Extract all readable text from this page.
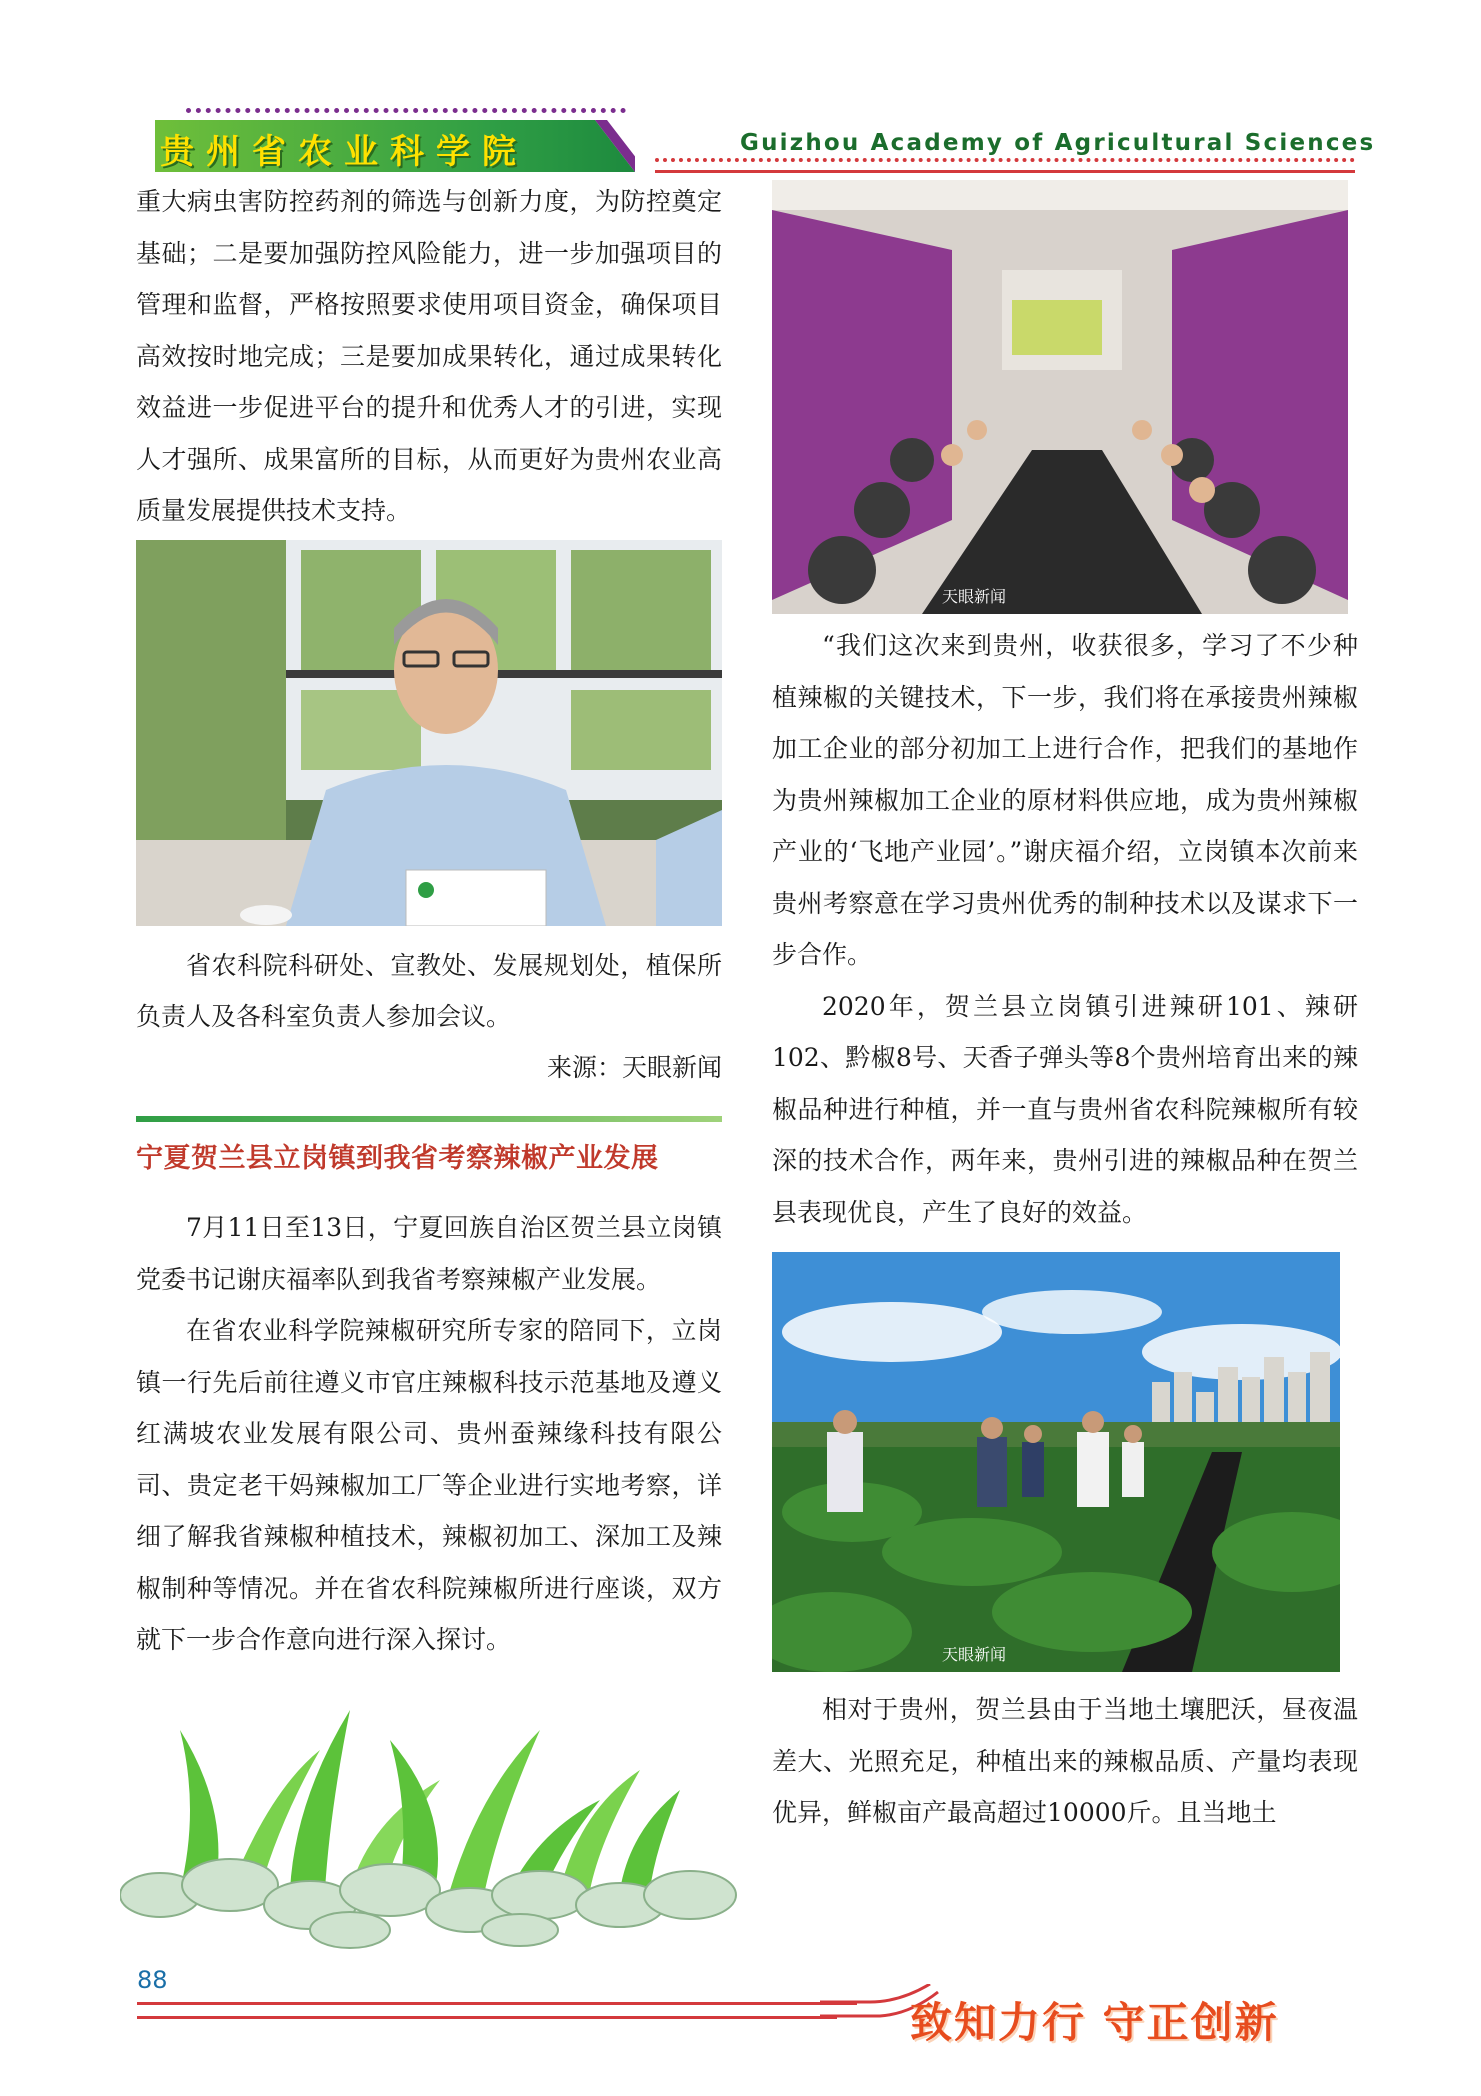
贵州省农业科学院	Guizhou Academy of Agricultural Sciences

重大病虫害防控药剂的筛选与创新力度，为防控奠定基础；二是要加强防控风险能力，进一步加强项目的管理和监督，严格按照要求使用项目资金，确保项目高效按时地完成；三是要加成果转化，通过成果转化效益进一步促进平台的提升和优秀人才的引进，实现人才强所、成果富所的目标，从而更好为贵州农业高质量发展提供技术支持。

省农科院科研处、宣教处、发展规划处，植保所负责人及各科室负责人参加会议。

来源：天眼新闻

宁夏贺兰县立岗镇到我省考察辣椒产业发展

7月11日至13日，宁夏回族自治区贺兰县立岗镇党委书记谢庆福率队到我省考察辣椒产业发展。

在省农业科学院辣椒研究所专家的陪同下，立岗镇一行先后前往遵义市官庄辣椒科技示范基地及遵义红满坡农业发展有限公司、贵州蚕辣缘科技有限公司、贵定老干妈辣椒加工厂等企业进行实地考察，详细了解我省辣椒种植技术，辣椒初加工、深加工及辣椒制种等情况。并在省农科院辣椒所进行座谈，双方就下一步合作意向进行深入探讨。

天眼新闻

“我们这次来到贵州，收获很多，学习了不少种植辣椒的关键技术，下一步，我们将在承接贵州辣椒加工企业的部分初加工上进行合作，把我们的基地作为贵州辣椒加工企业的原材料供应地，成为贵州辣椒产业的‘飞地产业园’。”谢庆福介绍，立岗镇本次前来贵州考察意在学习贵州优秀的制种技术以及谋求下一步合作。

2020年，贺兰县立岗镇引进辣研101、辣研102、黔椒8号、天香子弹头等8个贵州培育出来的辣椒品种进行种植，并一直与贵州省农科院辣椒所有较深的技术合作，两年来，贵州引进的辣椒品种在贺兰县表现优良，产生了良好的效益。

天眼新闻

相对于贵州，贺兰县由于当地土壤肥沃，昼夜温差大、光照充足，种植出来的辣椒品质、产量均表现优异，鲜椒亩产最高超过10000斤。且当地土

88
致知力行 守正创新
